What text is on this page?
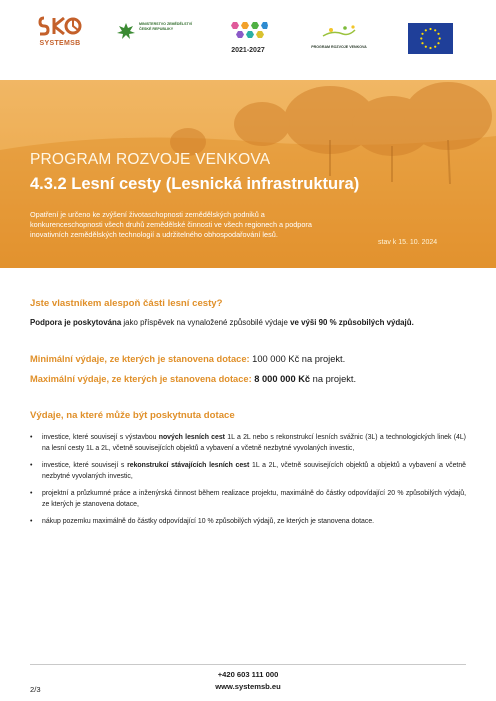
SYSTEMSB
MINISTERSTVO ZEMĚDĚLSTVÍ
ČESKÉ REPUBLIKY
2021-2027	PROGRAM ROZVOJE VENKOVA
PROGRAM ROZVOJE VENKOVA
4.3.2 Lesní cesty (Lesnická infrastruktura)
Opatření je určeno ke zvýšení životaschopnosti zemědělských podniků a konkurenceschopnosti všech druhů zemědělské činnosti ve všech regionech a podpora inovativních zemědělských technologií a udržitelného obhospodařování lesů.
stav k 15. 10. 2024
Jste vlastníkem alespoň části lesní cesty?
Podpora je poskytována jako příspěvek na vynaložené způsobilé výdaje ve výši 90 % způsobilých výdajů.
Minimální výdaje, ze kterých je stanovena dotace: 100 000 Kč na projekt.
Maximální výdaje, ze kterých je stanovena dotace: 8 000 000 Kč na projekt.
Výdaje, na které může být poskytnuta dotace
• investice, které souvisejí s výstavbou nových lesních cest 1L a 2L nebo s rekonstrukcí lesních svážnic (3L) a technologických linek (4L) na lesní cesty 1L a 2L, včetně souvisejících objektů a vybavení a včetně nezbytné vyvolaných investic,
• investice, které souvisejí s rekonstrukcí stávajících lesních cest 1L a 2L, včetně souvisejících objektů a objektů a vybavení a včetně nezbytné vyvolaných investic,
• projektní a průzkumné práce a inženýrská činnost během realizace projektu, maximálně do částky odpovídající 20 % způsobilých výdajů, ze kterých je stanovena dotace,
• nákup pozemku maximálně do částky odpovídající 10 % způsobilých výdajů, ze kterých je stanovena dotace.
+420 603 111 000
www.systemsb.eu
2/3
